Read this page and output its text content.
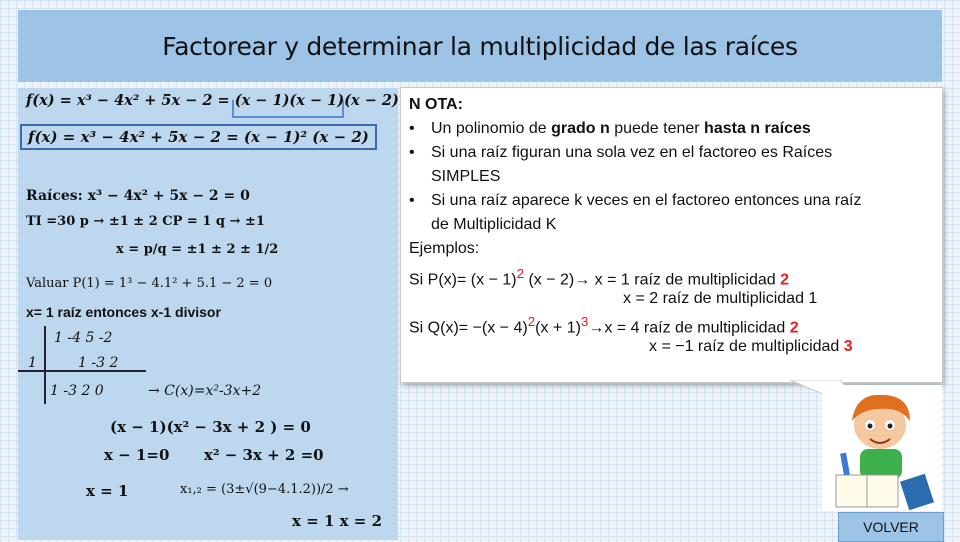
Factorear y determinar la multiplicidad de las raíces
f(x) = x³ − 4x² + 5x − 2 = (x − 1)(x − 1)(x − 2)
f(x) = x³ − 4x² + 5x − 2 = (x − 1)² (x − 2)
Raíces: x³ − 4x² + 5x − 2 = 0
TI =30 p → ±1 ± 2 CP = 1 q → ±1
x = p/q = ±1 ± 2 ± 1/2
Valuar P(1) = 1³ − 4.1² + 5.1 − 2 = 0
x= 1 raíz entonces x-1 divisor
1 -4 5 -2
1	1 -3 2
1 -3 2 0	→ C(x)=x²-3x+2
(x − 1)(x² − 3x + 2 ) = 0
x − 1=0 x² − 3x + 2 =0
x = 1	x₁,₂ = (3±√(9−4.1.2))/2 →
x = 1 x = 2
N OTA:
• Un polinomio de grado n puede tener hasta n raíces
• Si una raíz figuran una sola vez en el factoreo es Raíces
SIMPLES
• Si una raíz aparece k veces en el factoreo entonces una raíz
de Multiplicidad K
Ejemplos:
Si $P(x)= (x - 1)^2$ (x − 2)→ x = 1 raíz de multiplicidad 2
x = 2 raíz de multiplicidad 1
Si $Q(x)= -(x - 4)^2(x + 1)^3\to x = 4$ raíz de multiplicidad 2
x = −1 raíz de multiplicidad 3
VOLVER
